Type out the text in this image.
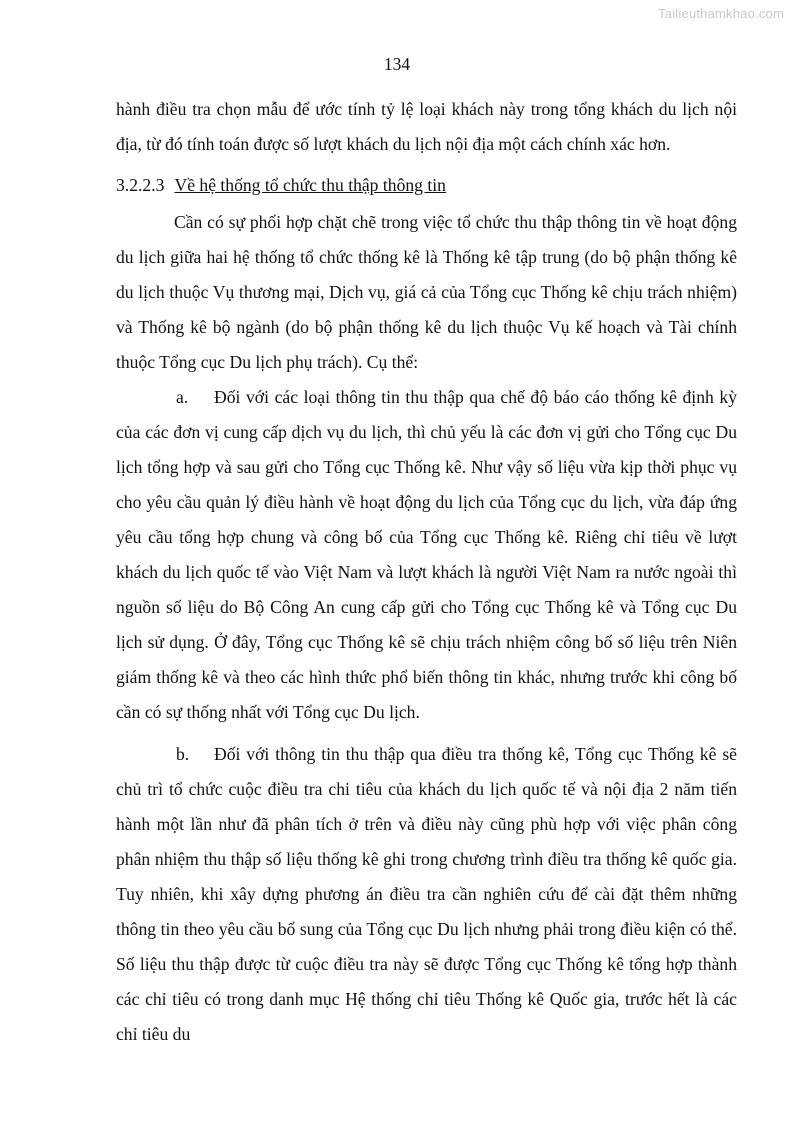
Tailieuthamkhao.com
134

hành điều tra chọn mẫu để ước tính tỷ lệ loại khách này trong tổng khách du lịch nội địa, từ đó tính toán được số lượt khách du lịch nội địa một cách chính xác hơn.

3.2.2.3 Về hệ thống tổ chức thu thập thông tin

Cần có sự phối hợp chặt chẽ trong việc tổ chức thu thập thông tin về hoạt động du lịch giữa hai hệ thống tổ chức thống kê là Thống kê tập trung (do bộ phận thống kê du lịch thuộc Vụ thương mại, Dịch vụ, giá cả của Tổng cục Thống kê chịu trách nhiệm) và Thống kê bộ ngành (do bộ phận thống kê du lịch thuộc Vụ kế hoạch và Tài chính thuộc Tổng cục Du lịch phụ trách). Cụ thể:

a. Đối với các loại thông tin thu thập qua chế độ báo cáo thống kê định kỳ của các đơn vị cung cấp dịch vụ du lịch, thì chủ yếu là các đơn vị gửi cho Tổng cục Du lịch tổng hợp và sau gửi cho Tổng cục Thống kê. Như vậy số liệu vừa kịp thời phục vụ cho yêu cầu quản lý điều hành về hoạt động du lịch của Tổng cục du lịch, vừa đáp ứng yêu cầu tổng hợp chung và công bố của Tổng cục Thống kê. Riêng chỉ tiêu về lượt khách du lịch quốc tế vào Việt Nam và lượt khách là người Việt Nam ra nước ngoài thì nguồn số liệu do Bộ Công An cung cấp gửi cho Tổng cục Thống kê và Tổng cục Du lịch sử dụng. Ở đây, Tổng cục Thống kê sẽ chịu trách nhiệm công bố số liệu trên Niên giám thống kê và theo các hình thức phổ biến thông tin khác, nhưng trước khi công bố cần có sự thống nhất với Tổng cục Du lịch.

b. Đối với thông tin thu thập qua điều tra thống kê, Tổng cục Thống kê sẽ chủ trì tổ chức cuộc điều tra chi tiêu của khách du lịch quốc tế và nội địa 2 năm tiến hành một lần như đã phân tích ở trên và điều này cũng phù hợp với việc phân công phân nhiệm thu thập số liệu thống kê ghi trong chương trình điều tra thống kê quốc gia. Tuy nhiên, khi xây dựng phương án điều tra cần nghiên cứu để cài đặt thêm những thông tin theo yêu cầu bổ sung của Tổng cục Du lịch nhưng phải trong điều kiện có thể. Số liệu thu thập được từ cuộc điều tra này sẽ được Tổng cục Thống kê tổng hợp thành các chỉ tiêu có trong danh mục Hệ thống chỉ tiêu Thống kê Quốc gia, trước hết là các chỉ tiêu du
